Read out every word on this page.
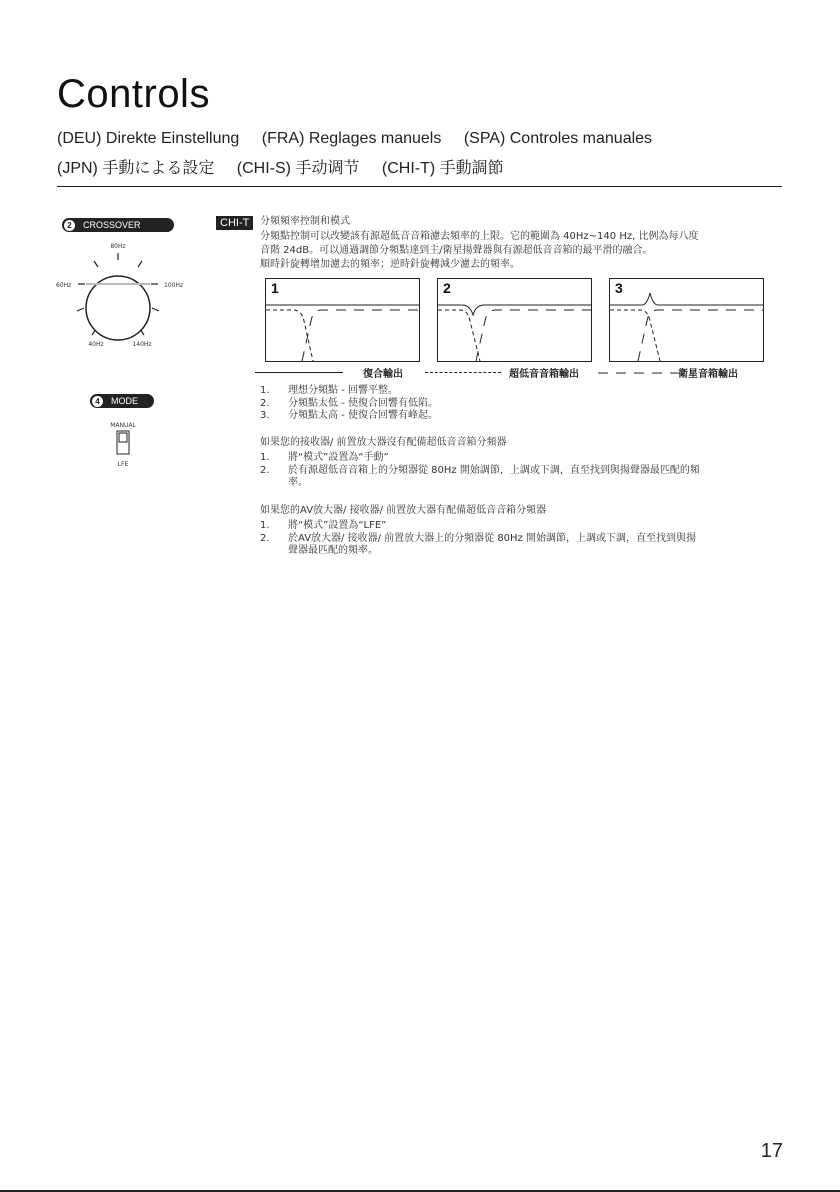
Controls
(DEU) Direkte Einstellung (FRA) Reglages manuels (SPA) Controles manuales
(JPN) 手動による設定 (CHI-S) 手动调节 (CHI-T) 手動調節
2	CROSSOVER
80Hz
60Hz	100Hz
40Hz	140Hz
4	MODE
MANUAL
LFE
CHI-T	分頻頻率控制和模式
分頻點控制可以改變該有源超低音音箱濾去頻率的上限。它的範圍為 40Hz~140 Hz, 比例為每八度
音階 24dB。可以通過調節分頻點達到主/衛星揚聲器與有源超低音音箱的最平滑的融合。
順時針旋轉增加濾去的頻率；逆時針旋轉減少濾去的頻率。
1	2	3
復合輸出	超低音音箱輸出	衛星音箱輸出
1.	理想分頻點 - 回響平整。
2.	分頻點太低 - 使復合回響有低陷。
3.	分頻點太高 - 使復合回響有峰起。
如果您的接收器/ 前置放大器沒有配備超低音音箱分頻器
1.	將“模式”設置為“手動”
2.	於有源超低音音箱上的分頻器從 80Hz 開始調節，上調或下調，直至找到與揚聲器最匹配的頻
率。
如果您的AV放大器/ 接收器/ 前置放大器有配備超低音音箱分頻器
1.	將“模式”設置為“LFE”
2.	於AV放大器/ 接收器/ 前置放大器上的分頻器從 80Hz 開始調節，上調或下調，直至找到與揚
聲器最匹配的頻率。
17
